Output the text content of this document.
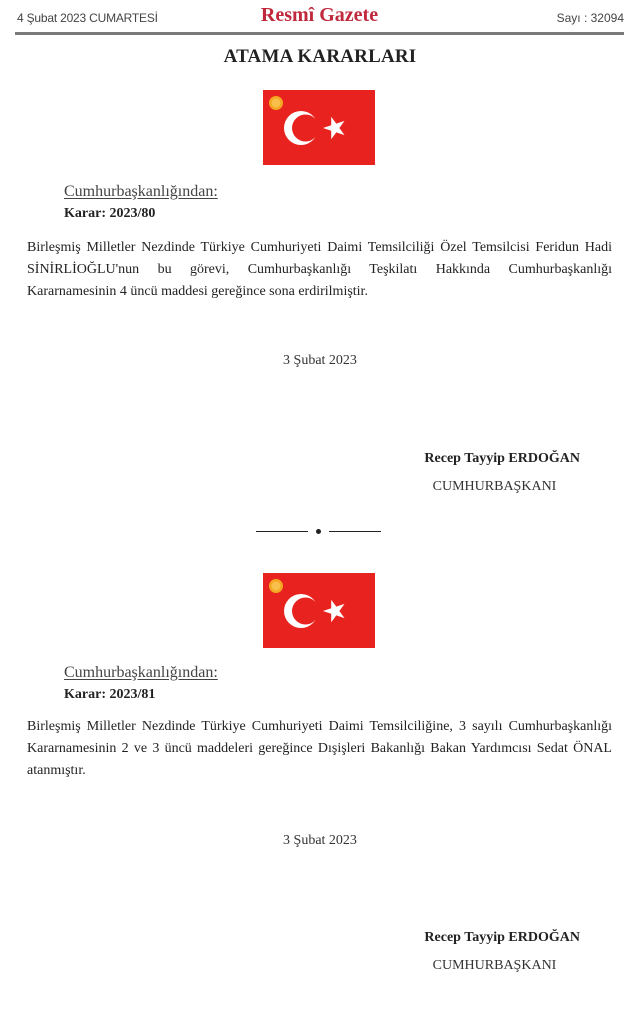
4 Şubat 2023 CUMARTESİ	Resmî Gazete	Sayı : 32094
ATAMA KARARLARI
Cumhurbaşkanlığından:
Karar: 2023/80
Birleşmiş Milletler Nezdinde Türkiye Cumhuriyeti Daimi Temsilciliği Özel Temsilcisi Feridun Hadi SİNİRLİOĞLU'nun bu görevi, Cumhurbaşkanlığı Teşkilatı Hakkında Cumhurbaşkanlığı Kararnamesinin 4 üncü maddesi gereğince sona erdirilmiştir.
3 Şubat 2023
Recep Tayyip ERDOĞAN
CUMHURBAŞKANI
Cumhurbaşkanlığından:
Karar: 2023/81
Birleşmiş Milletler Nezdinde Türkiye Cumhuriyeti Daimi Temsilciliğine, 3 sayılı Cumhurbaşkanlığı Kararnamesinin 2 ve 3 üncü maddeleri gereğince Dışişleri Bakanlığı Bakan Yardımcısı Sedat ÖNAL atanmıştır.
3 Şubat 2023
Recep Tayyip ERDOĞAN
CUMHURBAŞKANI
